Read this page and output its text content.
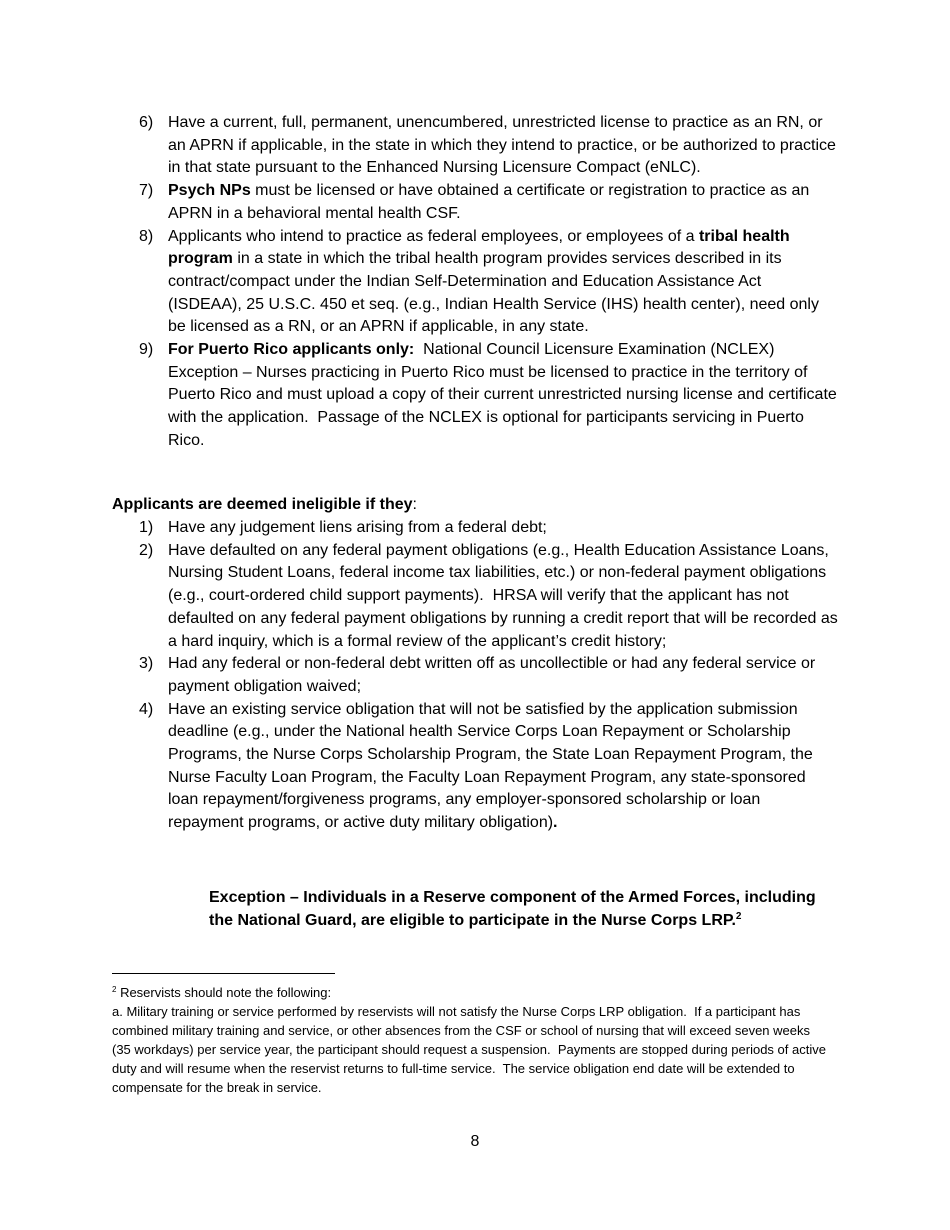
6) Have a current, full, permanent, unencumbered, unrestricted license to practice as an RN, or an APRN if applicable, in the state in which they intend to practice, or be authorized to practice in that state pursuant to the Enhanced Nursing Licensure Compact (eNLC).
7) Psych NPs must be licensed or have obtained a certificate or registration to practice as an APRN in a behavioral mental health CSF.
8) Applicants who intend to practice as federal employees, or employees of a tribal health program in a state in which the tribal health program provides services described in its contract/compact under the Indian Self-Determination and Education Assistance Act (ISDEAA), 25 U.S.C. 450 et seq. (e.g., Indian Health Service (IHS) health center), need only be licensed as a RN, or an APRN if applicable, in any state.
9) For Puerto Rico applicants only:  National Council Licensure Examination (NCLEX) Exception – Nurses practicing in Puerto Rico must be licensed to practice in the territory of Puerto Rico and must upload a copy of their current unrestricted nursing license and certificate with the application.  Passage of the NCLEX is optional for participants servicing in Puerto Rico.
Applicants are deemed ineligible if they:
1) Have any judgement liens arising from a federal debt;
2) Have defaulted on any federal payment obligations (e.g., Health Education Assistance Loans, Nursing Student Loans, federal income tax liabilities, etc.) or non-federal payment obligations (e.g., court-ordered child support payments).  HRSA will verify that the applicant has not defaulted on any federal payment obligations by running a credit report that will be recorded as a hard inquiry, which is a formal review of the applicant’s credit history;
3) Had any federal or non-federal debt written off as uncollectible or had any federal service or payment obligation waived;
4) Have an existing service obligation that will not be satisfied by the application submission deadline (e.g., under the National health Service Corps Loan Repayment or Scholarship Programs, the Nurse Corps Scholarship Program, the State Loan Repayment Program, the Nurse Faculty Loan Program, the Faculty Loan Repayment Program, any state-sponsored loan repayment/forgiveness programs, any employer-sponsored scholarship or loan repayment programs, or active duty military obligation).
Exception – Individuals in a Reserve component of the Armed Forces, including the National Guard, are eligible to participate in the Nurse Corps LRP.$^2$

$^2$ Reservists should note the following:

a. Military training or service performed by reservists will not satisfy the Nurse Corps LRP obligation.  If a participant has combined military training and service, or other absences from the CSF or school of nursing that will exceed seven weeks (35 workdays) per service year, the participant should request a suspension.  Payments are stopped during periods of active duty and will resume when the reservist returns to full-time service.  The service obligation end date will be extended to compensate for the break in service.

8
